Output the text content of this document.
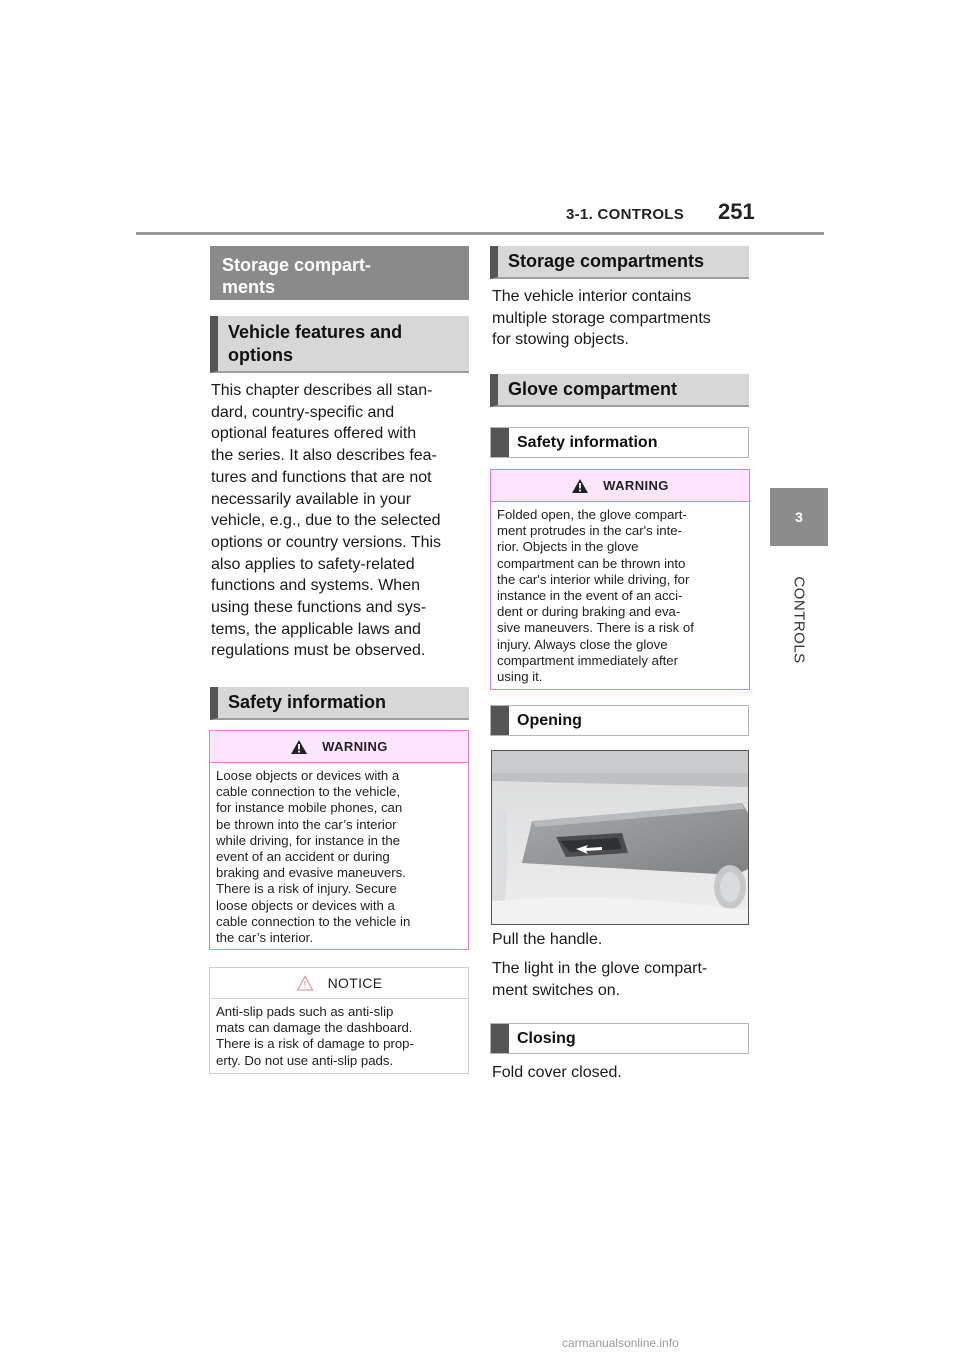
3-1. CONTROLS 251
3
CONTROLS
Storage compart-
ments
Vehicle features and
options
This chapter describes all stan-
dard, country-specific and
optional features offered with
the series. It also describes fea-
tures and functions that are not
necessarily available in your
vehicle, e.g., due to the selected
options or country versions. This
also applies to safety-related
functions and systems. When
using these functions and sys-
tems, the applicable laws and
regulations must be observed.
Safety information
WARNING
Loose objects or devices with a
cable connection to the vehicle,
for instance mobile phones, can
be thrown into the car’s interior
while driving, for instance in the
event of an accident or during
braking and evasive maneuvers.
There is a risk of injury. Secure
loose objects or devices with a
cable connection to the vehicle in
the car’s interior.
NOTICE
Anti-slip pads such as anti-slip
mats can damage the dashboard.
There is a risk of damage to prop-
erty. Do not use anti-slip pads.
Storage compartments
The vehicle interior contains
multiple storage compartments
for stowing objects.
Glove compartment
Safety information
WARNING
Folded open, the glove compart-
ment protrudes in the car's inte-
rior. Objects in the glove
compartment can be thrown into
the car's interior while driving, for
instance in the event of an acci-
dent or during braking and eva-
sive maneuvers. There is a risk of
injury. Always close the glove
compartment immediately after
using it.
Opening
Pull the handle.
The light in the glove compart-
ment switches on.
Closing
Fold cover closed.
carmanualsonline.info
